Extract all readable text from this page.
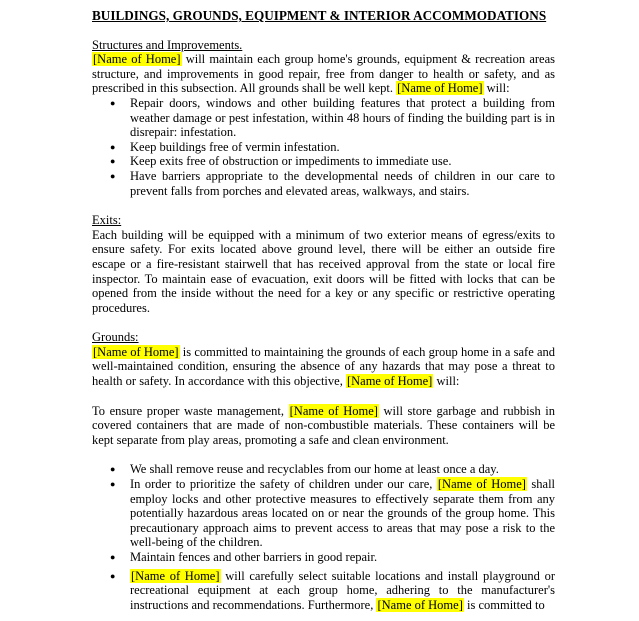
BUILDINGS, GROUNDS, EQUIPMENT & INTERIOR ACCOMMODATIONS
Structures and Improvements.

[Name of Home] will maintain each group home's grounds, equipment & recreation areas structure, and improvements in good repair, free from danger to health or safety, and as prescribed in this subsection. All grounds shall be well kept. [Name of Home] will:

● Repair doors, windows and other building features that protect a building from weather damage or pest infestation, within 48 hours of finding the building part is in disrepair: infestation.
● Keep buildings free of vermin infestation.
● Keep exits free of obstruction or impediments to immediate use.
● Have barriers appropriate to the developmental needs of children in our care to prevent falls from porches and elevated areas, walkways, and stairs.
Exits:

Each building will be equipped with a minimum of two exterior means of egress/exits to ensure safety. For exits located above ground level, there will be either an outside fire escape or a fire-resistant stairwell that has received approval from the state or local fire inspector. To maintain ease of evacuation, exit doors will be fitted with locks that can be opened from the inside without the need for a key or any specific or restrictive operating procedures.

Grounds:

[Name of Home] is committed to maintaining the grounds of each group home in a safe and well-maintained condition, ensuring the absence of any hazards that may pose a threat to health or safety. In accordance with this objective, [Name of Home] will:

To ensure proper waste management, [Name of Home] will store garbage and rubbish in covered containers that are made of non-combustible materials. These containers will be kept separate from play areas, promoting a safe and clean environment.

● We shall remove reuse and recyclables from our home at least once a day.
● In order to prioritize the safety of children under our care, [Name of Home] shall employ locks and other protective measures to effectively separate them from any potentially hazardous areas located on or near the grounds of the group home. This precautionary approach aims to prevent access to areas that may pose a risk to the well-being of the children.
● Maintain fences and other barriers in good repair.
● [Name of Home] will carefully select suitable locations and install playground or recreational equipment at each group home, adhering to the manufacturer's instructions and recommendations. Furthermore, [Name of Home] is committed to
